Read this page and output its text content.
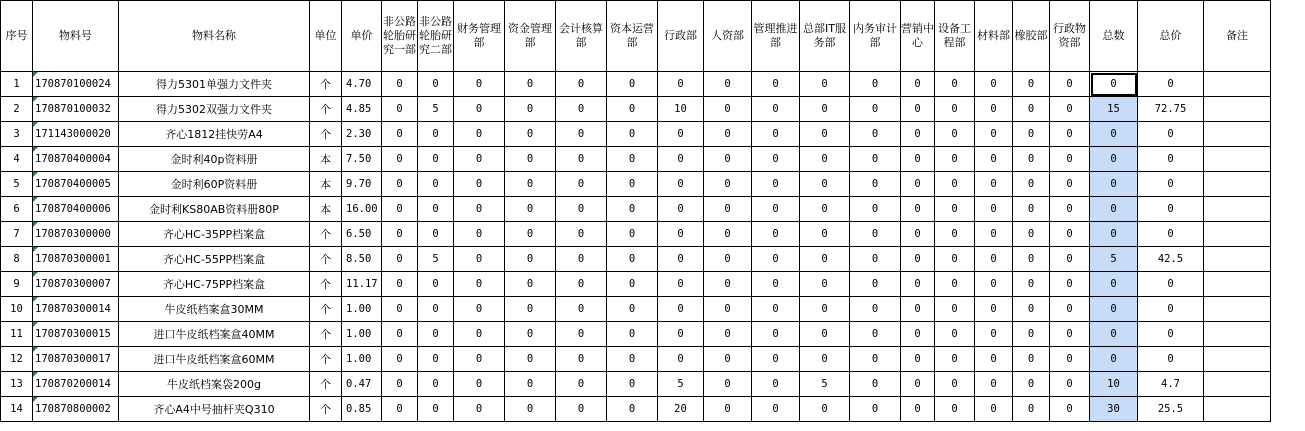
序号	物料号	物料名称	单位	单价	非公路轮胎研究一部	非公路轮胎研究二部	财务管理部	资金管理部	会计核算部	资本运营部	行政部	人资部	管理推进部	总部IT服务部	内务审计部	营销中心	设备工程部	材料部	橡胶部	行政物资部	总数	总价	备注
1	170870100024	得力5301单强力文件夹	个	4.70	0	0	0	0	0	0	0	0	0	0	0	0	0	0	0	0	0	0	
2	170870100032	得力5302双强力文件夹	个	4.85	0	5	0	0	0	0	10	0	0	0	0	0	0	0	0	0	15	72.75	
3	171143000020	齐心1812挂快劳A4	个	2.30	0	0	0	0	0	0	0	0	0	0	0	0	0	0	0	0	0	0	
4	170870400004	金时利40p资料册	本	7.50	0	0	0	0	0	0	0	0	0	0	0	0	0	0	0	0	0	0	
5	170870400005	金时利60P资料册	本	9.70	0	0	0	0	0	0	0	0	0	0	0	0	0	0	0	0	0	0	
6	170870400006	金时利KS80AB资料册80P	本	16.00	0	0	0	0	0	0	0	0	0	0	0	0	0	0	0	0	0	0	
7	170870300000	齐心HC-35PP档案盒	个	6.50	0	0	0	0	0	0	0	0	0	0	0	0	0	0	0	0	0	0	
8	170870300001	齐心HC-55PP档案盒	个	8.50	0	5	0	0	0	0	0	0	0	0	0	0	0	0	0	0	5	42.5	
9	170870300007	齐心HC-75PP档案盒	个	11.17	0	0	0	0	0	0	0	0	0	0	0	0	0	0	0	0	0	0	
10	170870300014	牛皮纸档案盒30MM	个	1.00	0	0	0	0	0	0	0	0	0	0	0	0	0	0	0	0	0	0	
11	170870300015	进口牛皮纸档案盒40MM	个	1.00	0	0	0	0	0	0	0	0	0	0	0	0	0	0	0	0	0	0	
12	170870300017	进口牛皮纸档案盒60MM	个	1.00	0	0	0	0	0	0	0	0	0	0	0	0	0	0	0	0	0	0	
13	170870200014	牛皮纸档案袋200g	个	0.47	0	0	0	0	0	0	5	0	0	5	0	0	0	0	0	0	10	4.7	
14	170870800002	齐心A4中号抽杆夹Q310	个	0.85	0	0	0	0	0	0	20	0	0	0	0	0	0	0	0	0	30	25.5	
